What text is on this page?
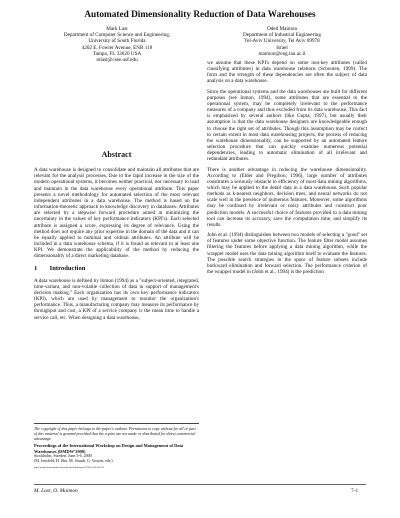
Automated Dimensionality Reduction of Data Warehouses
Mark Last
Department of Computer Science and Engineering,
University of South Florida
4202 E. Fowler Avenue, ENB 118
Tampa, FL 33620 USA
mlast@csee.usf.edu
Oded Maimon
Department of Industrial Engineering
Tel-Aviv University, Tel Aviv 69978
Israel
maimon@eng.tau.ac.il
Abstract

A data warehouse is designed to consolidate and maintain all attributes that are relevant for the analysis processes. Due to the rapid increase in the size of the modern operational systems, it becomes neither practical, nor necessary to load and maintain in the data warehouse every operational attribute. This paper presents a novel methodology for automated selection of the most relevant independent attributes in a data warehouse. The method is based on the information-theoretic approach to knowledge discovery in databases. Attributes are selected by a stepwise forward procedure aimed at minimizing the uncertainty in the values of key performance indicators (KPI's). Each selected attribute is assigned a score, expressing its degree of relevance. Using the method does not require any prior expertise in the domain of the data and it can be equally applied to nominal and ordinal attributes. An attribute will be included in a data warehouse schema, if it is found as relevant to at least one KPI. We demonstrate the applicability of the method by reducing the dimensionality of a direct marketing database.

1 Introduction

A data warehouse is defined by Inmon (1994) as a "subject-oriented, integrated, time-variant, and non-volatile collection of data in support of management's decision making." Each organization has its own key performance indicators (KPI), which are used by management to monitor the organization's performance. Thus, a manufacturing company may measure its performance by throughput and cost, a KPI of a service company is the mean time to handle a service call, etc. When designing a data warehouse,

The copyright of this paper belongs to the paper's authors. Permission to copy without fee all or part of this material is granted provided that the copies are not made or distributed for direct commercial advantage.
Proceedings of the International Workshop on Design and Management of Data Warehouses (DMDW'2000)
Stockholm, Sweden, June 5-6, 2000
(M. Jeusfeld, H. Shu, M. Staudt, G. Vossen, eds.)
http://sunsite.informatik.rwth-aachen.de/Publications/CEUR-WS/Vol-28/

we assume that these KPI's depend on some non-key attributes (called classifying attributes) in data warehouse relations (Schouten, 1999). The form and the strength of these dependencies are often the subject of data analysis on a data warehouse.

Since the operational systems and the data warehouses are built for different purposes (see Inmon, 1994), some attributes that are essential to the operational system, may be completely irrelevant to the performance measures of a company and thus excluded from its data warehouse. This fact is emphasized by several authors (like Gupta, 1997), but usually their assumption is that the data warehouse designers are knowledgeable enough to choose the right set of attributes. Though this assumption may be correct to certain extent in most data warehousing projects, the process of reducing the warehouse dimensionality, can be supported by an automated feature selection procedure that can quickly examine numerous potential dependencies, leading to automatic elimination of all irrelevant and redundant attributes.

There is another advantage in reducing the warehouse dimensionality. According to (Elder and Pregibon, 1996), large number of attributes constitutes a seriously obstacle to efficiency of most data mining algorithms, which may be applied to the detail data in a data warehouse. Such popular methods as k-nearest neighbors, decision trees, and neural networks do not scale well in the presence of numerous features. Moreover, some algorithms may be confused by irrelevant or noisy attributes and construct poor prediction models. A successful choice of features provided to a data mining tool can increase its accuracy, save the computation time, and simplify its results.

John et al. (1994) distinguishes between two models of selecting a "good" set of features under some objective function. The feature filter model assumes filtering the features before applying a data mining algorithm, while the wrapper model uses the data mining algorithm itself to evaluate the features. The possible search strategies in the space of feature subsets include backward elimination and forward selection. The performance criterion of the wrapper model in (John et al., 1994) is the prediction

M. Last, O. Maimon	7-1
